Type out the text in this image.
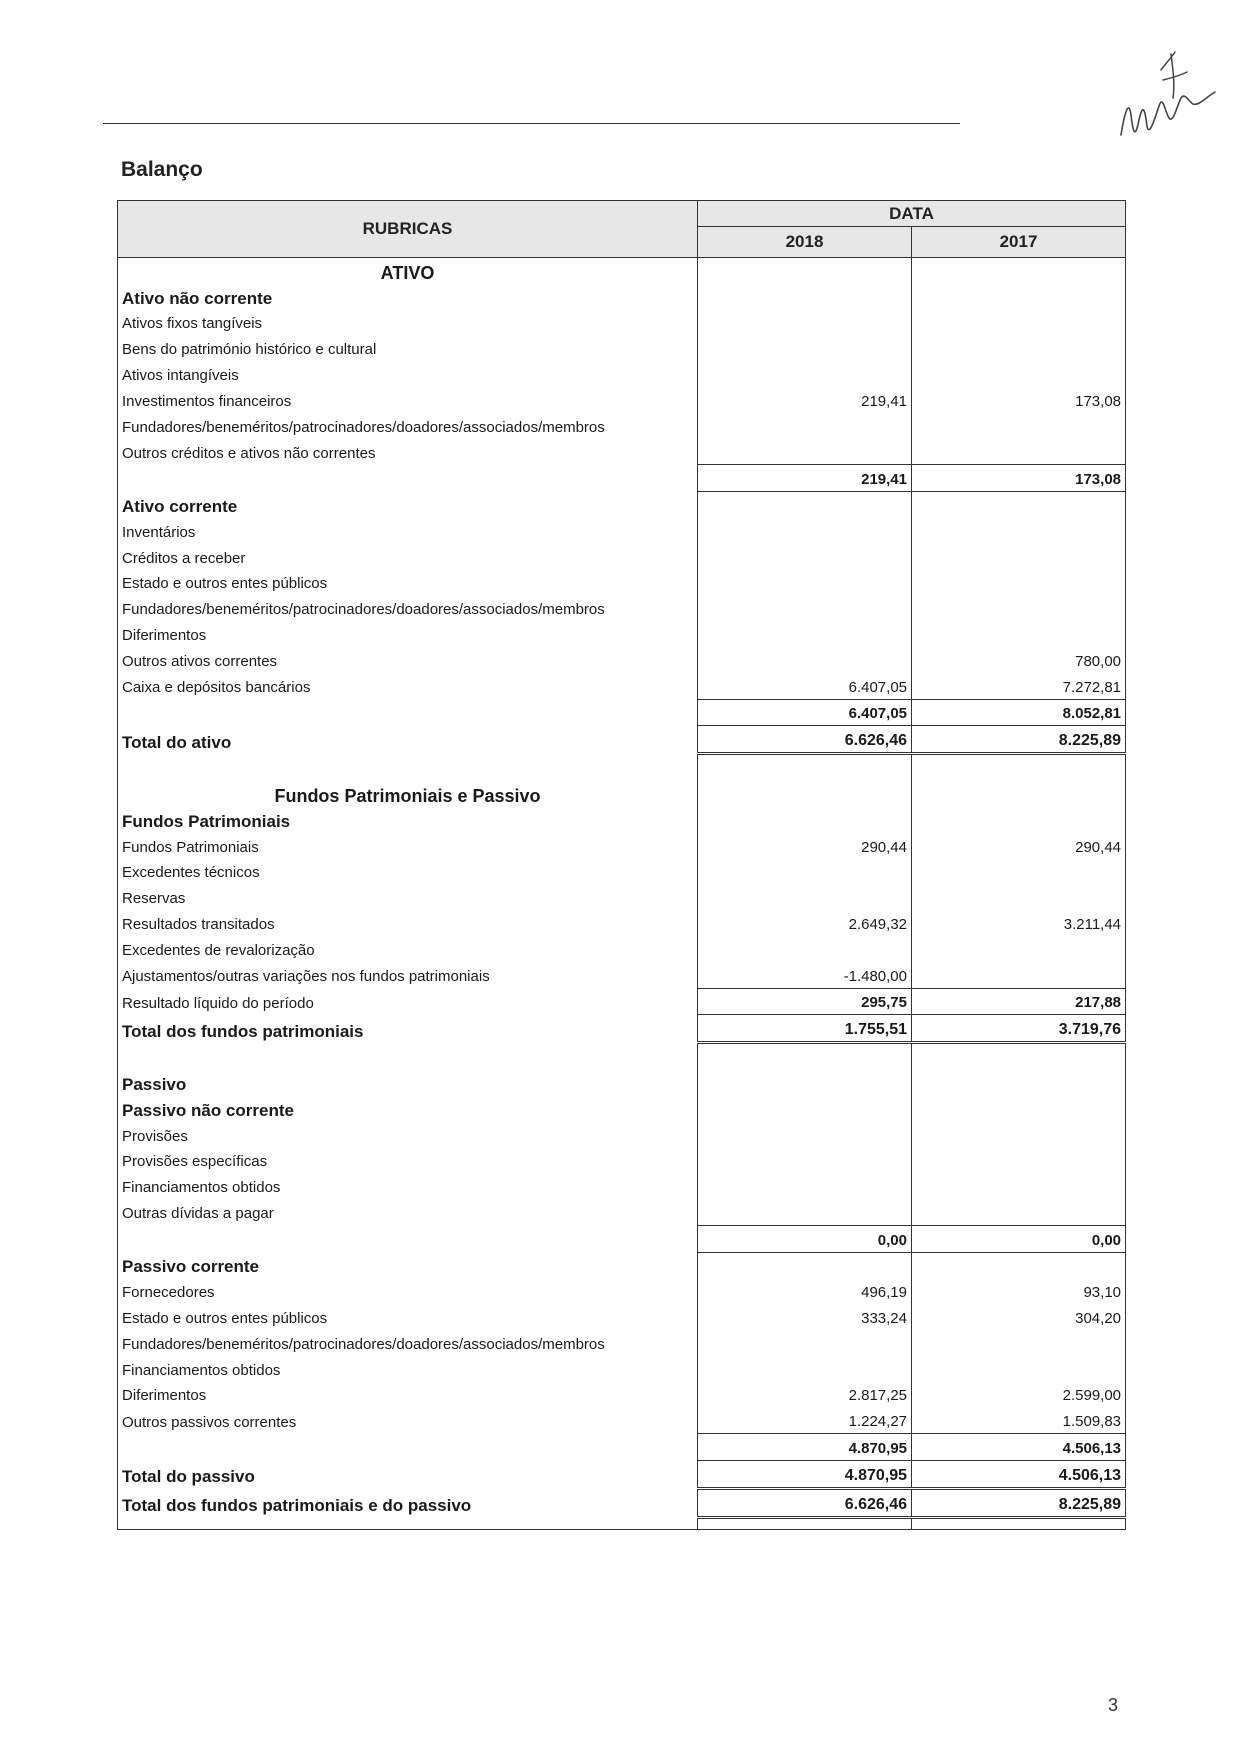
Balanço
RUBRICAS	DATA	
	2018	2017
ATIVO		
Ativo não corrente		
Ativos fixos tangíveis		
Bens do património histórico e cultural		
Ativos intangíveis		
Investimentos financeiros	219,41	173,08
Fundadores/beneméritos/patrocinadores/doadores/associados/membros		
Outros créditos e ativos não correntes		
	219,41	173,08
Ativo corrente		
Inventários		
Créditos a receber		
Estado e outros entes públicos		
Fundadores/beneméritos/patrocinadores/doadores/associados/membros		
Diferimentos		
Outros ativos correntes		780,00
Caixa e depósitos bancários	6.407,05	7.272,81
	6.407,05	8.052,81
Total do ativo	6.626,46	8.225,89

Fundos Patrimoniais e Passivo		
Fundos Patrimoniais		
Fundos Patrimoniais	290,44	290,44
Excedentes técnicos		
Reservas		
Resultados transitados	2.649,32	3.211,44
Excedentes de revalorização		
Ajustamentos/outras variações nos fundos patrimoniais	-1.480,00	
Resultado líquido do período	295,75	217,88
Total dos fundos patrimoniais	1.755,51	3.719,76

Passivo		
Passivo não corrente		
Provisões		
Provisões específicas		
Financiamentos obtidos		
Outras dívidas a pagar		
	0,00	0,00
Passivo corrente		
Fornecedores	496,19	93,10
Estado e outros entes públicos	333,24	304,20
Fundadores/beneméritos/patrocinadores/doadores/associados/membros		
Financiamentos obtidos		
Diferimentos	2.817,25	2.599,00
Outros passivos correntes	1.224,27	1.509,83
	4.870,95	4.506,13
Total do passivo	4.870,95	4.506,13
Total dos fundos patrimoniais e do passivo	6.626,46	8.225,89

3
